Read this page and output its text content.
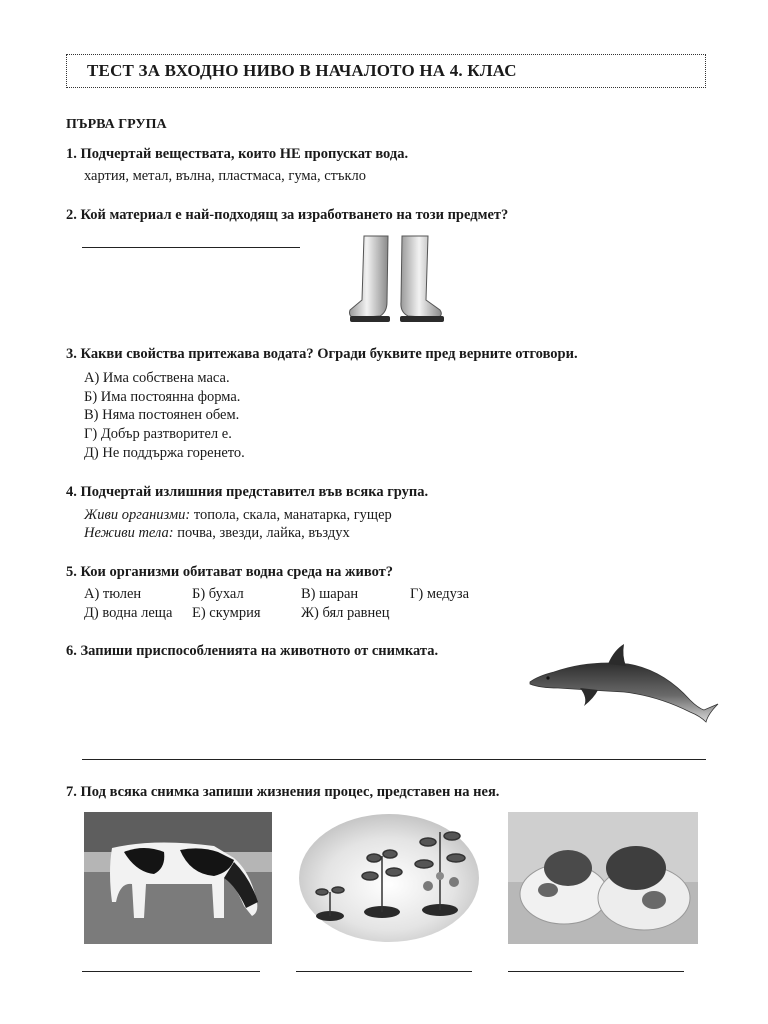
ТЕСТ ЗА ВХОДНО НИВО В НАЧАЛОТО НА 4. КЛАС
ПЪРВА ГРУПА
1. Подчертай веществата, които НЕ пропускат вода.
хартия, метал, вълна, пластмаса, гума, стъкло
2. Кой материал е най-подходящ за изработването на този предмет?
3. Какви свойства притежава водата? Огради буквите пред верните отговори.
А) Има собствена маса.
Б) Има постоянна форма.
В) Няма постоянен обем.
Г) Добър разтворител е.
Д) Не поддържа горенето.
4. Подчертай излишния представител във всяка група.
Живи организми: топола, скала, манатарка, гущер
Неживи тела: почва, звезди, лайка, въздух
5. Кои организми обитават водна среда на живот?
А) тюлен	Б) бухал	В) шаран	Г) медуза
Д) водна леща Е) скумрия	Ж) бял равнец
6. Запиши приспособленията на животното от снимката.
7. Под всяка снимка запиши жизнения процес, представен на нея.
